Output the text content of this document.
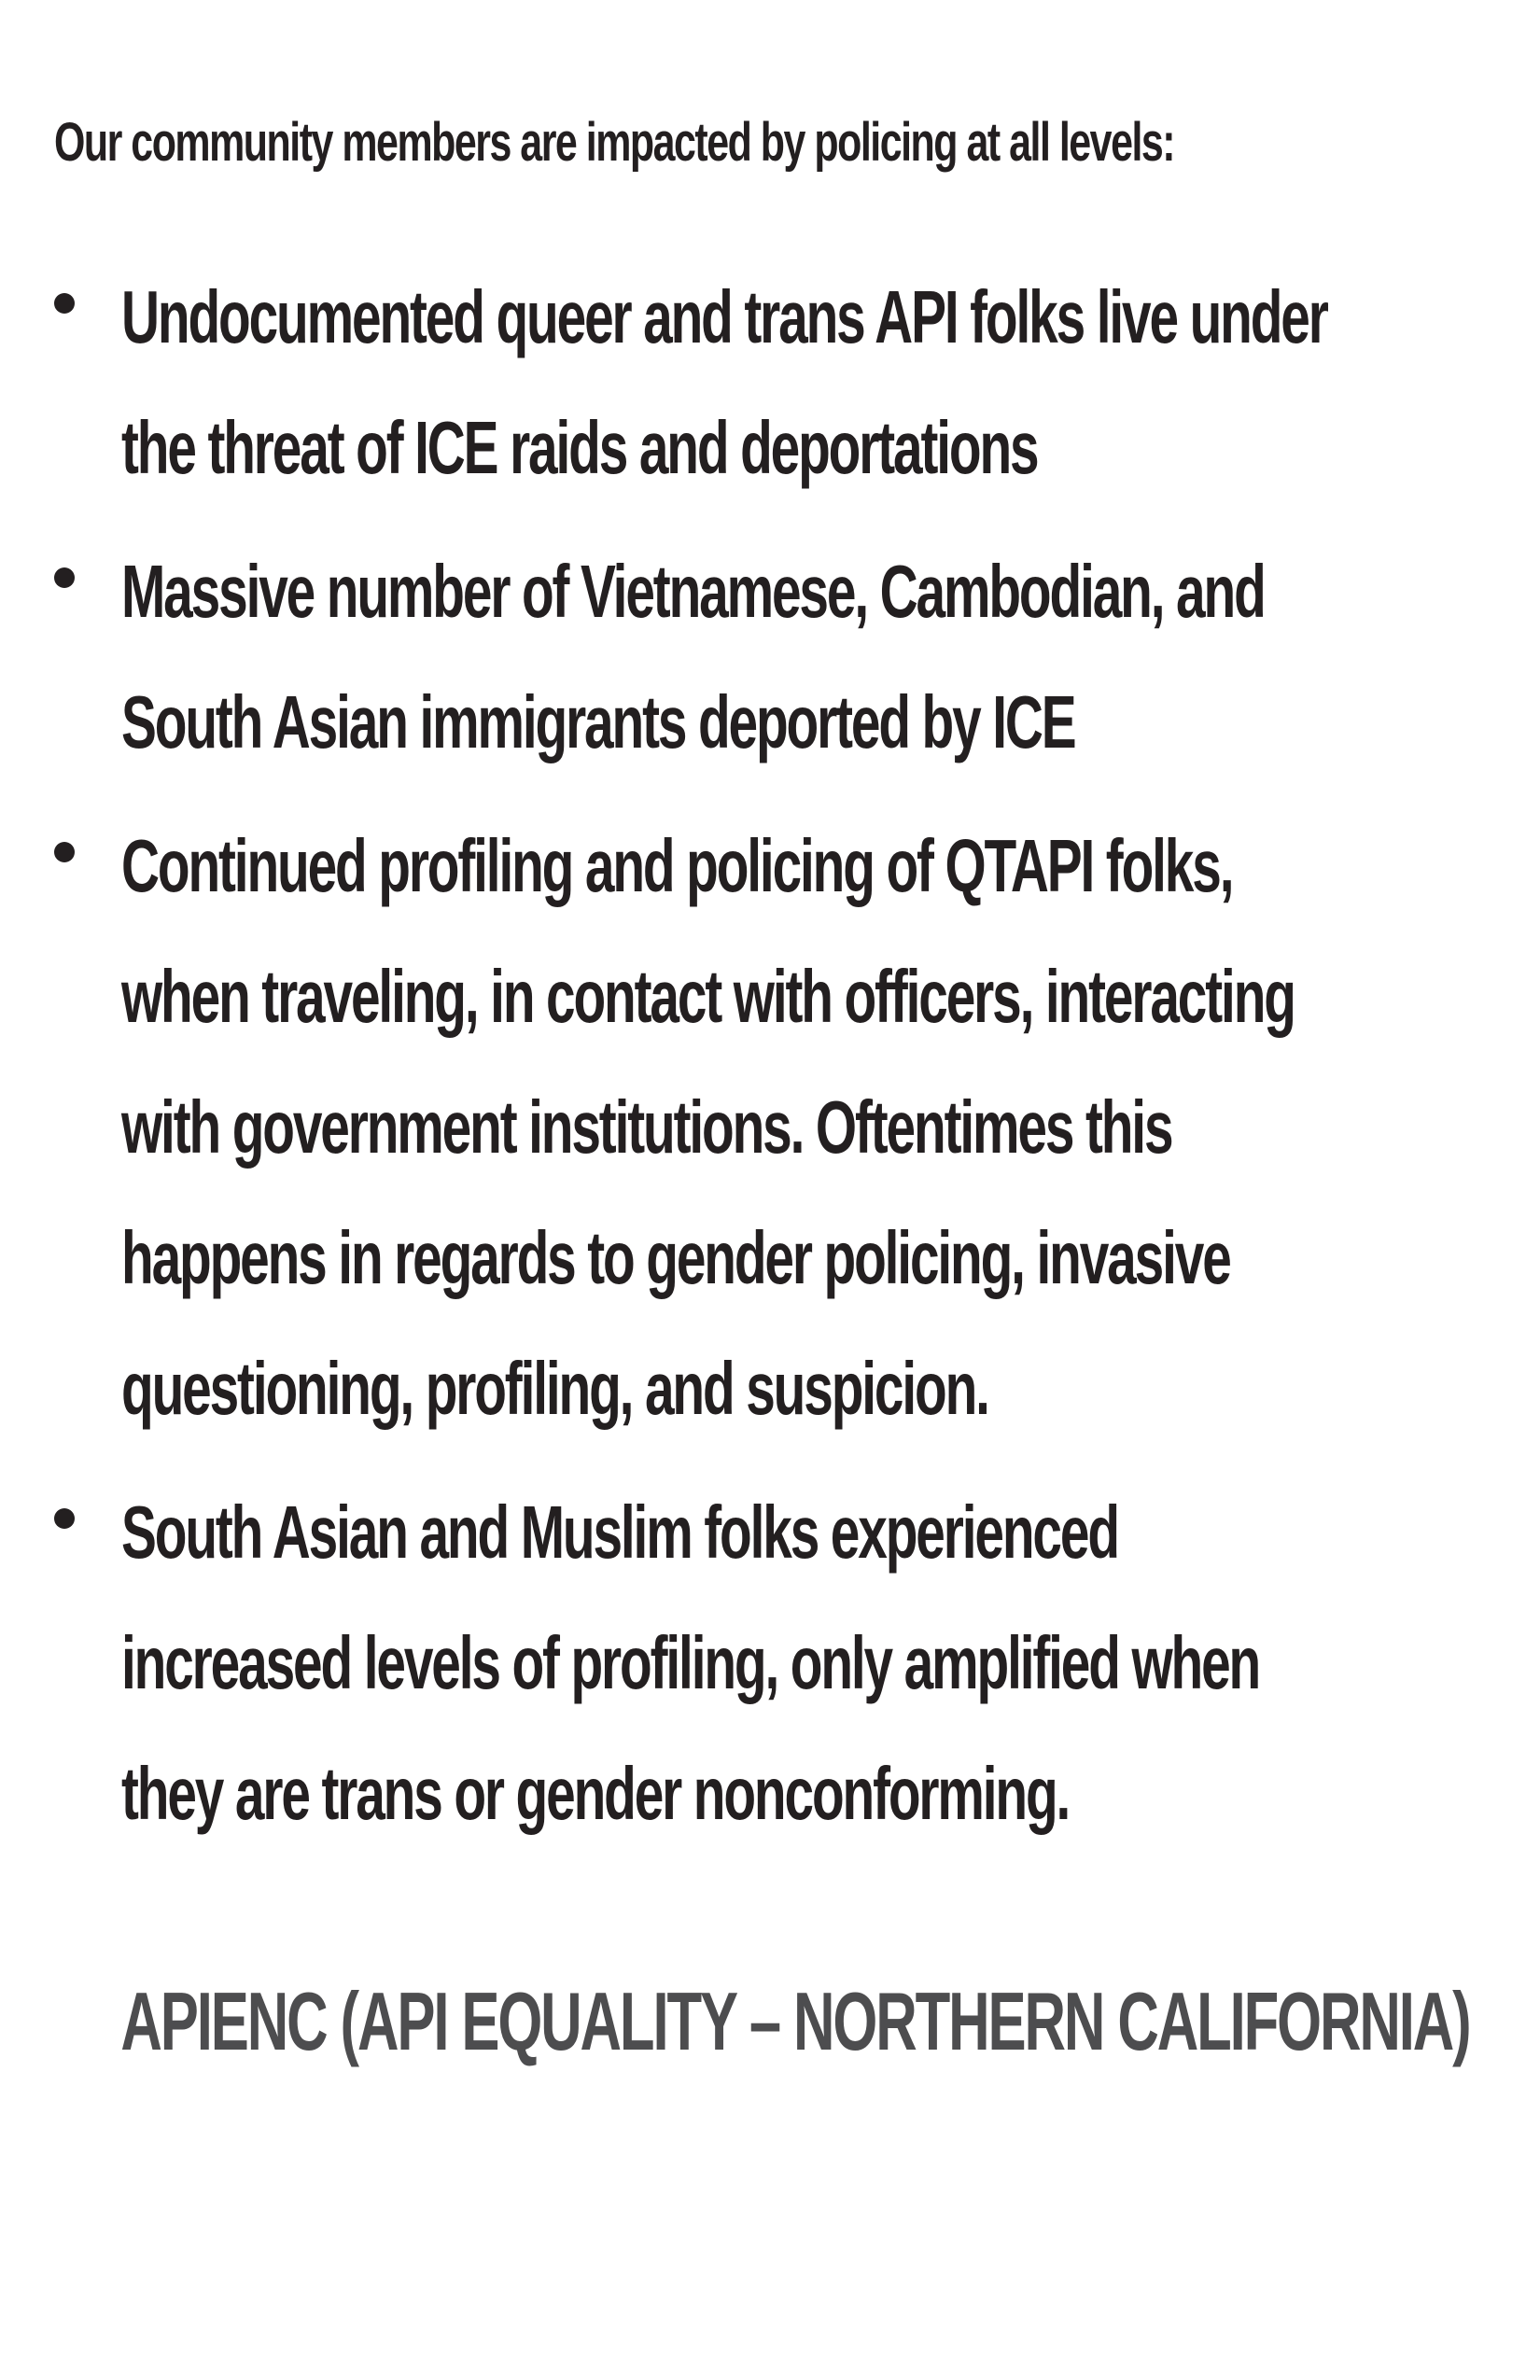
Our community members are impacted by policing at all levels:

Undocumented queer and trans API folks live under
the threat of ICE raids and deportations
Massive number of Vietnamese, Cambodian, and
South Asian immigrants deported by ICE
Continued profiling and policing of QTAPI folks,
when traveling, in contact with officers, interacting
with government institutions. Oftentimes this
happens in regards to gender policing, invasive
questioning, profiling, and suspicion.
South Asian and Muslim folks experienced
increased levels of profiling, only amplified when
they are trans or gender nonconforming.

APIENC (API EQUALITY – NORTHERN CALIFORNIA)
